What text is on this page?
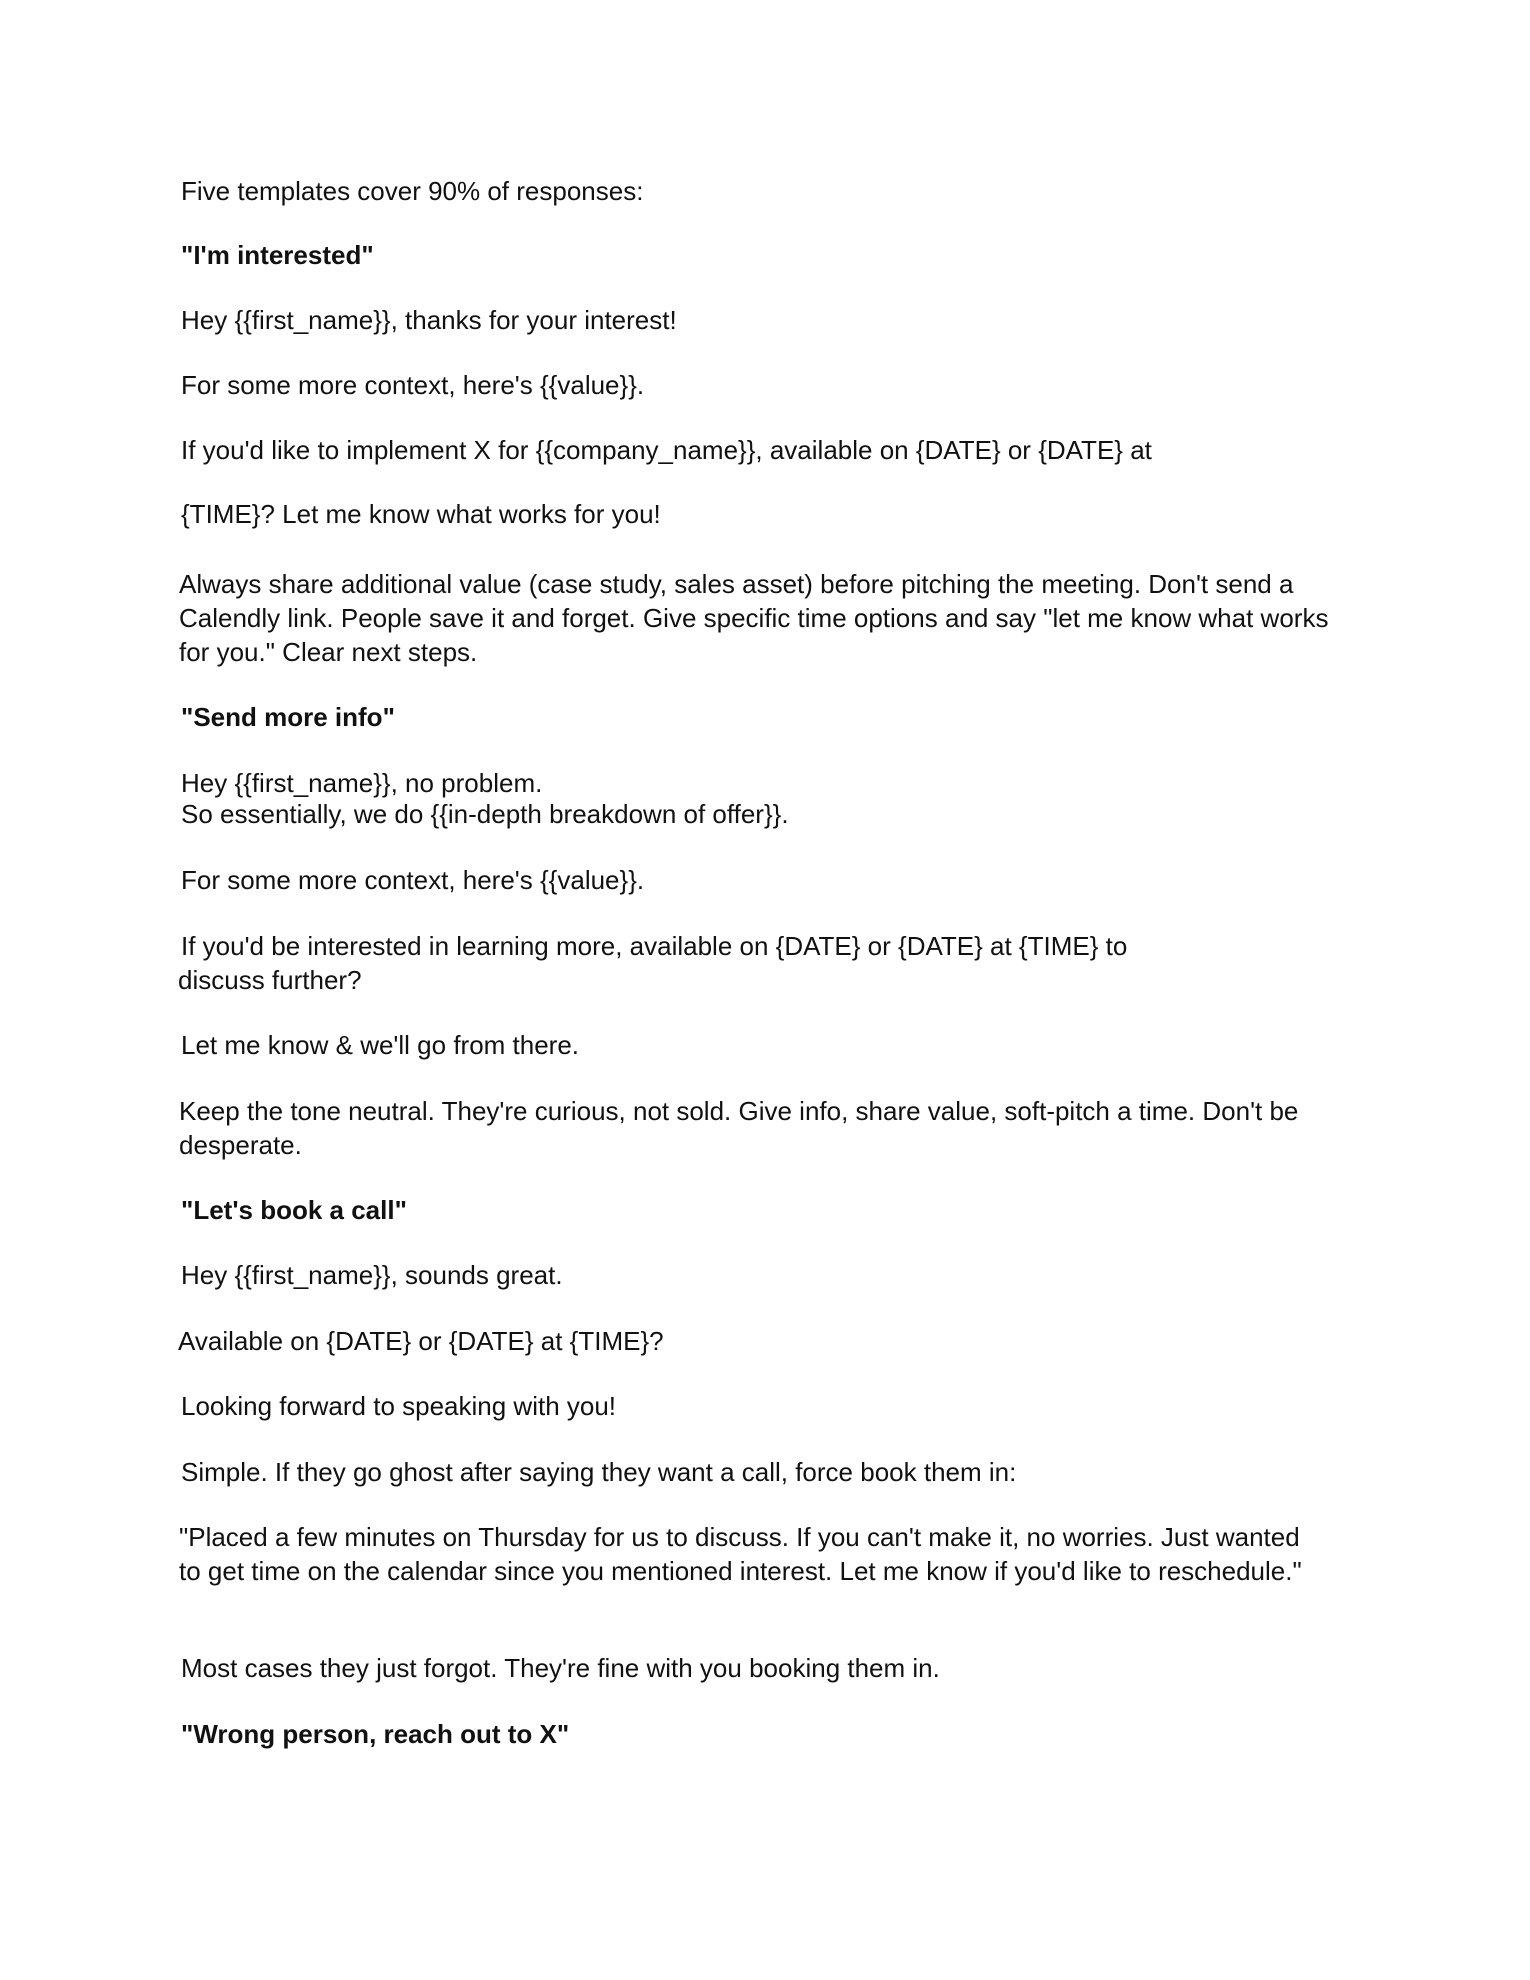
Five templates cover 90% of responses:

"I'm interested"

Hey {{first_name}}, thanks for your interest!

For some more context, here's {{value}}.

If you'd like to implement X for {{company_name}}, available on {DATE} or {DATE} at

{TIME}? Let me know what works for you!

Always share additional value (case study, sales asset) before pitching the meeting. Don't send a Calendly link. People save it and forget. Give specific time options and say "let me know what works for you." Clear next steps.

"Send more info"

Hey {{first_name}}, no problem.

So essentially, we do {{in-depth breakdown of offer}}.

For some more context, here's {{value}}.

If you'd be interested in learning more, available on {DATE} or {DATE} at {TIME} to

discuss further?

Let me know & we'll go from there.

Keep the tone neutral. They're curious, not sold. Give info, share value, soft-pitch a time. Don't be desperate.

"Let's book a call"

Hey {{first_name}}, sounds great.

Available on {DATE} or {DATE} at {TIME}?

Looking forward to speaking with you!

Simple. If they go ghost after saying they want a call, force book them in:

"Placed a few minutes on Thursday for us to discuss. If you can't make it, no worries. Just wanted to get time on the calendar since you mentioned interest. Let me know if you'd like to reschedule."

Most cases they just forgot. They're fine with you booking them in.

"Wrong person, reach out to X"
